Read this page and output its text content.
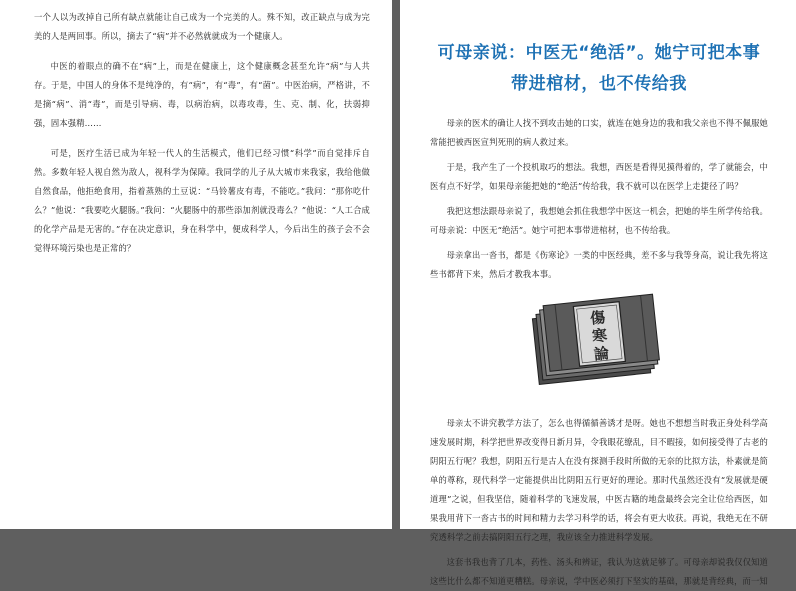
一个人以为改掉自己所有缺点就能让自己成为一个完美的人。殊不知，改正缺点与成为完美的人是两回事。所以，摘去了“病”并不必然就就成为一个健康人。

中医的着眼点的确不在“病”上，而是在健康上，这个健康概念甚至允许“病”与人共存。于是，中国人的身体不是纯净的，有“病”，有“毒”，有“菌”。中医治病，严格讲，不是摘“病”、消“毒”，而是引导病、毒，以病治病，以毒攻毒，生、克、制、化，扶弱抑强，固本强精……

可是，医疗生活已成为年轻一代人的生活模式，他们已经习惯“科学”而自觉排斥自然。多数年轻人视自然为敌人，视科学为保障。我同学的儿子从大城市来我家，我给他做自然食品，他拒绝食用，指着蒸熟的土豆说：“马铃薯皮有毒，不能吃。”我问：“那你吃什么？”他说：“我要吃火腿肠。”我问：“火腿肠中的那些添加剂就没毒么？”他说：“人工合成的化学产品是无害的。”存在决定意识，身在科学中，便成科学人，今后出生的孩子会不会觉得环境污染也是正常的？

可母亲说：中医无“绝活”。她宁可把本事带进棺材，也不传给我

母亲的医术的确让人找不到攻击她的口实，就连在她身边的我和我父亲也不得不佩服她常能把被西医宣判死刑的病人救过来。

于是，我产生了一个投机取巧的想法。我想，西医是看得见摸得着的，学了就能会，中医有点不好学，如果母亲能把她的“绝活”传给我，我不就可以在医学上走捷径了吗？

我把这想法跟母亲说了，我想她会抓住我想学中医这一机会，把她的毕生所学传给我。可母亲说：中医无“绝活”。她宁可把本事带进棺材，也不传给我。

母亲拿出一沓书，都是《伤寒论》一类的中医经典，差不多与我等身高，说让我先将这些书都背下来，然后才教我本事。

傷
寒
論

母亲太不讲究教学方法了，怎么也得循循善诱才是呀。她也不想想当时我正身处科学高速发展时期，科学把世界改变得日新月异，令我眼花缭乱，目不暇接，如何接受得了古老的阴阳五行呢？我想，阴阳五行是古人在没有探测手段时所做的无奈的比拟方法，朴素就是简单的尊称，现代科学一定能提供出比阴阳五行更好的理论。那时代虽然还没有“发展就是硬道理”之说，但我坚信，随着科学的飞速发展，中医古籍的地盘最终会完全让位给西医，如果我用背下一沓古书的时间和精力去学习科学的话，将会有更大收获。再说，我绝无在不研究透科学之前去搞阴阳五行之理，我应该全力推进科学发展。

这套书我也背了几本，药性、汤头和辨证，我认为这就足够了。可母亲却说我仅仅知道这些比什么都不知道更糟糕。母亲说，学中医必须打下坚实的基础，那就是背经典，而一知
